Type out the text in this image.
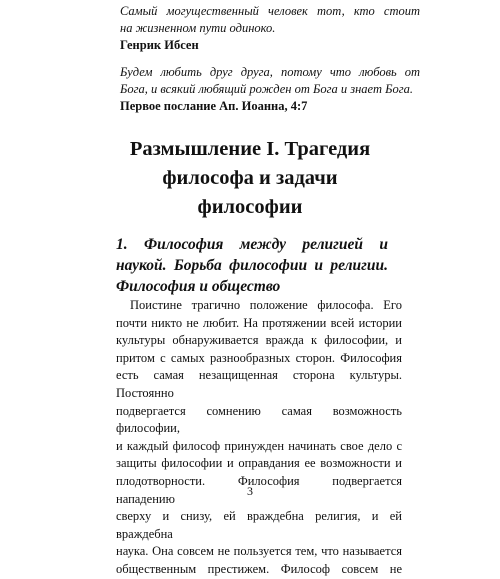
Самый могущественный человек тот, кто стоит
на жизненном пути одиноко.
Генрик Ибсен
Будем любить друг друга, потому что любовь от
Бога, и всякий любящий рожден от Бога и знает Бога.
Первое послание Ап. Иоанна, 4:7
Размышление I. Трагедия
философа и задачи
философии
1. Философия между религией и
наукой. Борьба философии и религии.
Философия и общество
Поистине трагично положение философа. Его
почти никто не любит. На протяжении всей истории
культуры обнаруживается вражда к философии, и
притом с самых разнообразных сторон. Философия
есть самая незащищенная сторона культуры. Постоянно
подвергается сомнению самая возможность философии,
и каждый философ принужден начинать свое дело с
защиты философии и оправдания ее возможности и
плодотворности. Философия подвергается нападению
сверху и снизу, ей враждебна религия, и ей враждебна
наука. Она совсем не пользуется тем, что называется
общественным престижем. Философ совсем не
3
